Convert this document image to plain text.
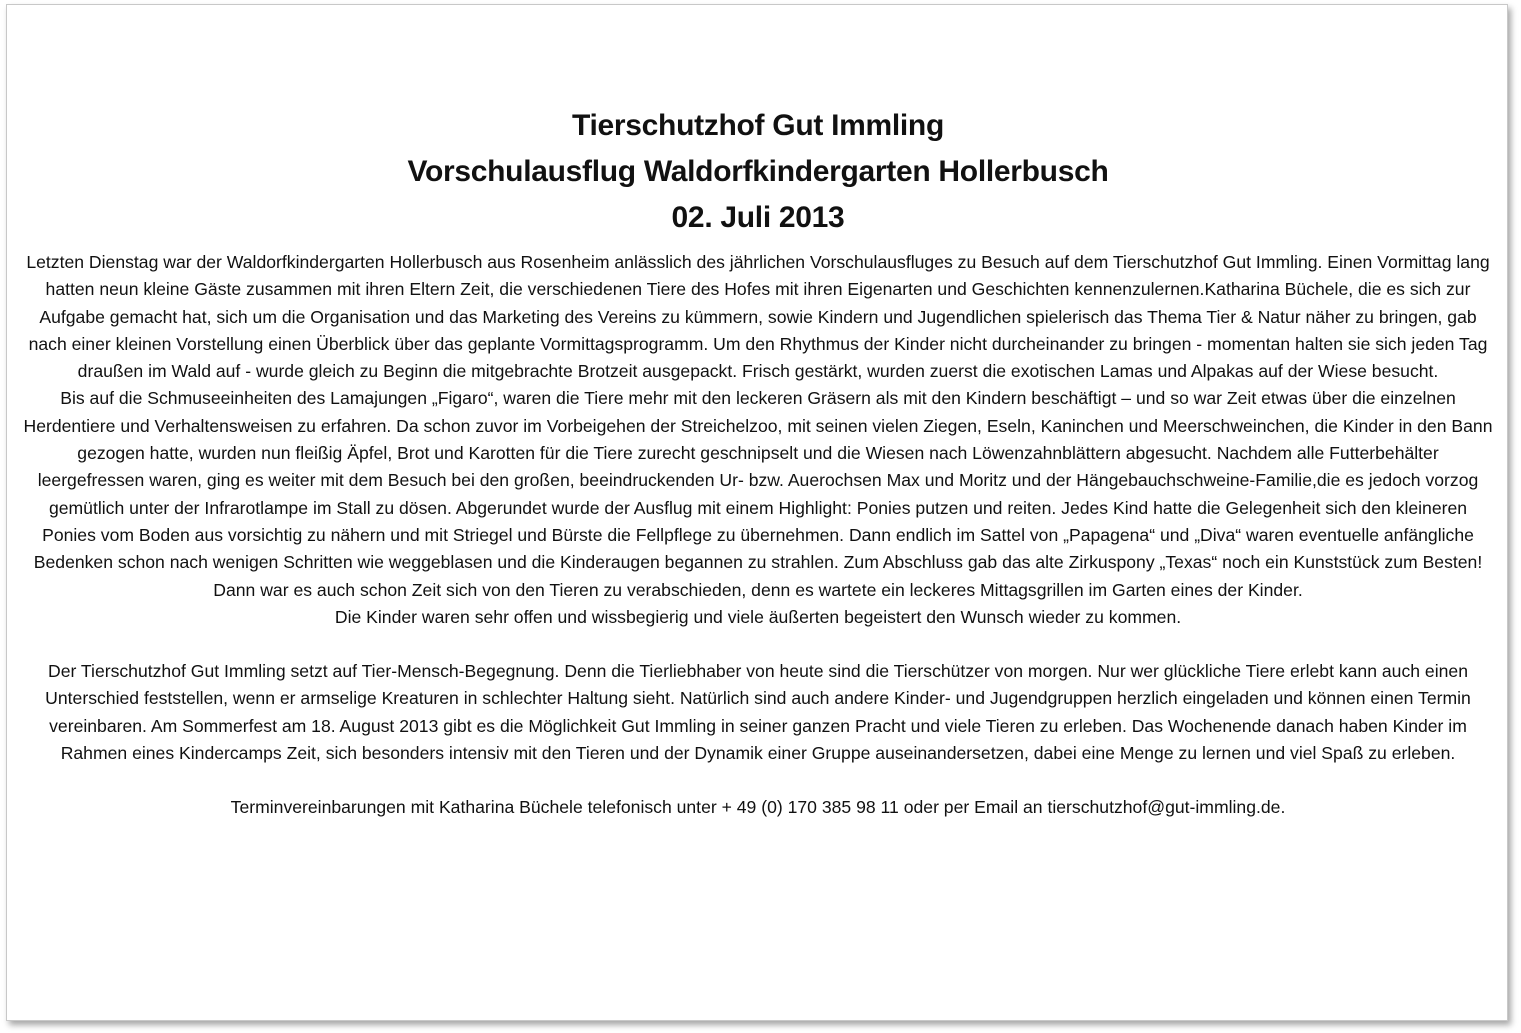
Tierschutzhof Gut Immling
Vorschulausflug Waldorfkindergarten Hollerbusch
02. Juli 2013

Letzten Dienstag war der Waldorfkindergarten Hollerbusch aus Rosenheim anlässlich des jährlichen Vorschulausfluges zu Besuch auf dem Tierschutzhof Gut Immling. Einen Vormittag lang hatten neun kleine Gäste zusammen mit ihren Eltern Zeit, die verschiedenen Tiere des Hofes mit ihren Eigenarten und Geschichten kennenzulernen.Katharina Büchele, die es sich zur Aufgabe gemacht hat, sich um die Organisation und das Marketing des Vereins zu kümmern, sowie Kindern und Jugendlichen spielerisch das Thema Tier & Natur näher zu bringen, gab nach einer kleinen Vorstellung einen Überblick über das geplante Vormittagsprogramm. Um den Rhythmus der Kinder nicht durcheinander zu bringen - momentan halten sie sich jeden Tag draußen im Wald auf - wurde gleich zu Beginn die mitgebrachte Brotzeit ausgepackt. Frisch gestärkt, wurden zuerst die exotischen Lamas und Alpakas auf der Wiese besucht.

Bis auf die Schmuseeinheiten des Lamajungen „Figaro“, waren die Tiere mehr mit den leckeren Gräsern als mit den Kindern beschäftigt – und so war Zeit etwas über die einzelnen Herdentiere und Verhaltensweisen zu erfahren. Da schon zuvor im Vorbeigehen der Streichelzoo, mit seinen vielen Ziegen, Eseln, Kaninchen und Meerschweinchen, die Kinder in den Bann gezogen hatte, wurden nun fleißig Äpfel, Brot und Karotten für die Tiere zurecht geschnipselt und die Wiesen nach Löwenzahnblättern abgesucht. Nachdem alle Futterbehälter leergefressen waren, ging es weiter mit dem Besuch bei den großen, beeindruckenden Ur- bzw. Auerochsen Max und Moritz und der Hängebauchschweine-Familie,die es jedoch vorzog gemütlich unter der Infrarotlampe im Stall zu dösen. Abgerundet wurde der Ausflug mit einem Highlight: Ponies putzen und reiten. Jedes Kind hatte die Gelegenheit sich den kleineren Ponies vom Boden aus vorsichtig zu nähern und mit Striegel und Bürste die Fellpflege zu übernehmen. Dann endlich im Sattel von „Papagena“ und „Diva“ waren eventuelle anfängliche Bedenken schon nach wenigen Schritten wie weggeblasen und die Kinderaugen begannen zu strahlen. Zum Abschluss gab das alte Zirkuspony „Texas“ noch ein Kunststück zum Besten!

Dann war es auch schon Zeit sich von den Tieren zu verabschieden, denn es wartete ein leckeres Mittagsgrillen im Garten eines der Kinder.

Die Kinder waren sehr offen und wissbegierig und viele äußerten begeistert den Wunsch wieder zu kommen.

Der Tierschutzhof Gut Immling setzt auf Tier-Mensch-Begegnung. Denn die Tierliebhaber von heute sind die Tierschützer von morgen. Nur wer glückliche Tiere erlebt kann auch einen Unterschied feststellen, wenn er armselige Kreaturen in schlechter Haltung sieht. Natürlich sind auch andere Kinder- und Jugendgruppen herzlich eingeladen und können einen Termin vereinbaren. Am Sommerfest am 18. August 2013 gibt es die Möglichkeit Gut Immling in seiner ganzen Pracht und viele Tieren zu erleben. Das Wochenende danach haben Kinder im Rahmen eines Kindercamps Zeit, sich besonders intensiv mit den Tieren und der Dynamik einer Gruppe auseinandersetzen, dabei eine Menge zu lernen und viel Spaß zu erleben.

Terminvereinbarungen mit Katharina Büchele telefonisch unter + 49 (0) 170 385 98 11 oder per Email an tierschutzhof@gut-immling.de.
